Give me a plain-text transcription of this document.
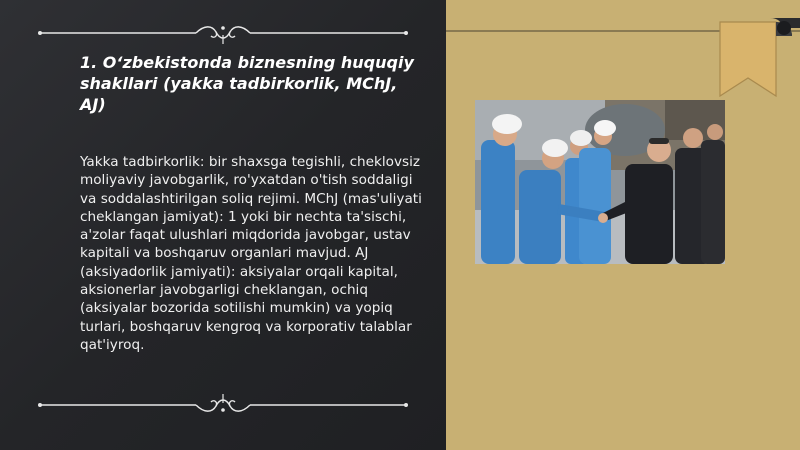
1. O‘zbekistonda biznesning huquqiy shakllari (yakka tadbirkorlik, MChJ, AJ)

Yakka tadbirkorlik: bir shaxsga tegishli, cheklovsiz moliyaviy javobgarlik, ro'yxatdan o'tish soddaligi va soddalashtirilgan soliq rejimi. MChJ (mas'uliyati cheklangan jamiyat): 1 yoki bir nechta ta'sischi, a'zolar faqat ulushlari miqdorida javobgar, ustav kapitali va boshqaruv organlari mavjud. AJ (aksiyadorlik jamiyati): aksiyalar orqali kapital, aksionerlar javobgarligi cheklangan, ochiq (aksiyalar bozorida sotilishi mumkin) va yopiq turlari, boshqaruv kengroq va korporativ talablar qat'iyroq.
